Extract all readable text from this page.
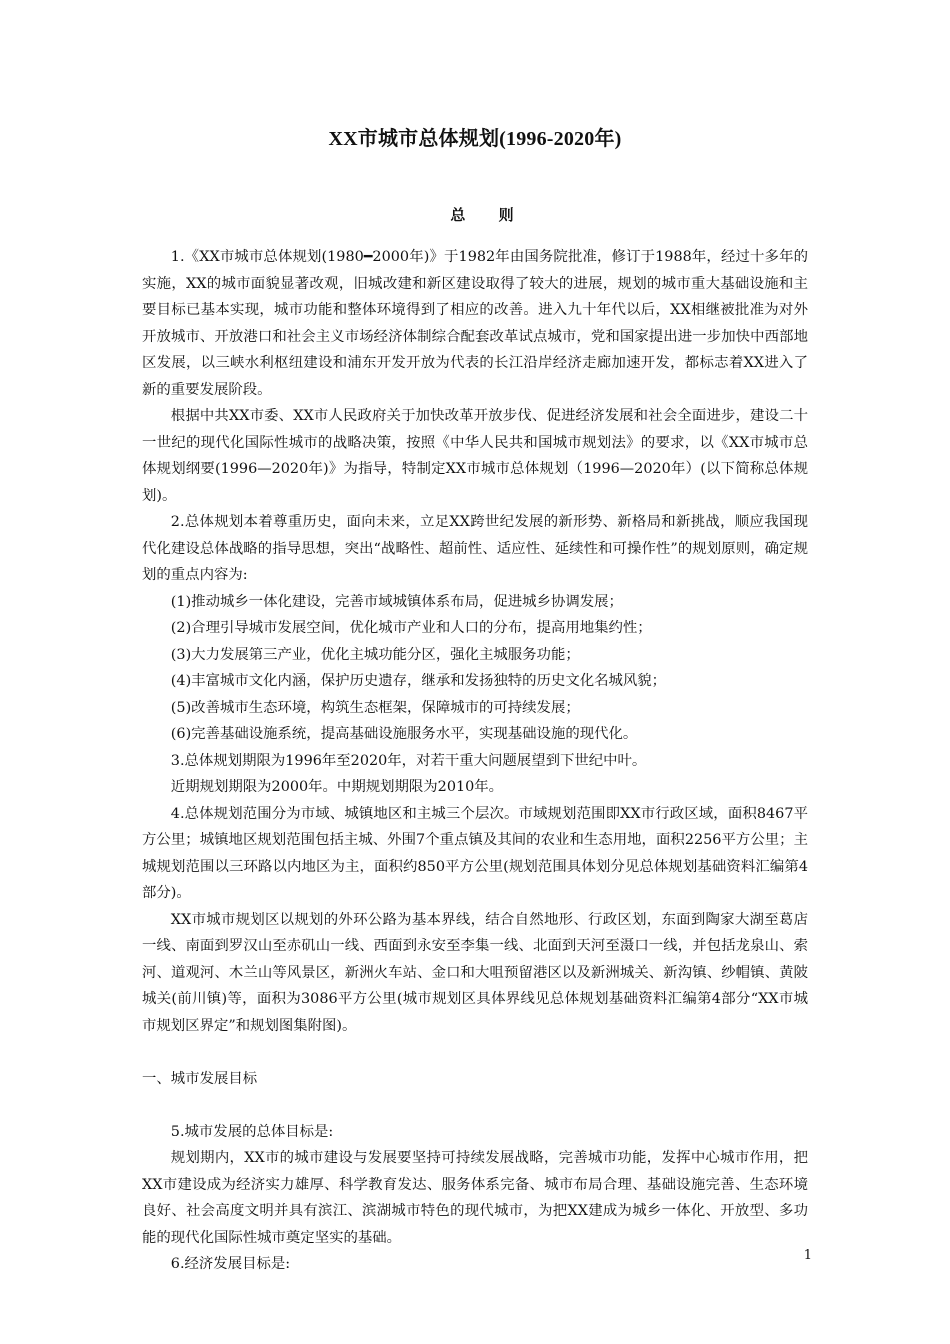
XX市城市总体规划(1996-2020年)
总 则

1.《XX市城市总体规划(1980━2000年)》于1982年由国务院批准，修订于1988年，经过十多年的实施，XX的城市面貌显著改观，旧城改建和新区建设取得了较大的进展，规划的城市重大基础设施和主要目标已基本实现，城市功能和整体环境得到了相应的改善。进入九十年代以后，XX相继被批准为对外开放城市、开放港口和社会主义市场经济体制综合配套改革试点城市，党和国家提出进一步加快中西部地区发展，以三峡水利枢纽建设和浦东开发开放为代表的长江沿岸经济走廊加速开发，都标志着XX进入了新的重要发展阶段。

根据中共XX市委、XX市人民政府关于加快改革开放步伐、促进经济发展和社会全面进步，建设二十一世纪的现代化国际性城市的战略决策，按照《中华人民共和国城市规划法》的要求，以《XX市城市总体规划纲要(1996—2020年)》为指导，特制定XX市城市总体规划（1996—2020年）(以下简称总体规划)。

2.总体规划本着尊重历史，面向未来，立足XX跨世纪发展的新形势、新格局和新挑战，顺应我国现代化建设总体战略的指导思想，突出“战略性、超前性、适应性、延续性和可操作性”的规划原则，确定规划的重点内容为:

(1)推动城乡一体化建设，完善市域城镇体系布局，促进城乡协调发展；

(2)合理引导城市发展空间，优化城市产业和人口的分布，提高用地集约性；

(3)大力发展第三产业，优化主城功能分区，强化主城服务功能；

(4)丰富城市文化内涵，保护历史遗存，继承和发扬独特的历史文化名城风貌；

(5)改善城市生态环境，构筑生态框架，保障城市的可持续发展；

(6)完善基础设施系统，提高基础设施服务水平，实现基础设施的现代化。

3.总体规划期限为1996年至2020年，对若干重大问题展望到下世纪中叶。

近期规划期限为2000年。中期规划期限为2010年。

4.总体规划范围分为市域、城镇地区和主城三个层次。市域规划范围即XX市行政区域，面积8467平方公里；城镇地区规划范围包括主城、外围7个重点镇及其间的农业和生态用地，面积2256平方公里；主城规划范围以三环路以内地区为主，面积约850平方公里(规划范围具体划分见总体规划基础资料汇编第4部分)。

XX市城市规划区以规划的外环公路为基本界线，结合自然地形、行政区划，东面到陶家大湖至葛店一线、南面到罗汉山至赤矶山一线、西面到永安至李集一线、北面到天河至滠口一线，并包括龙泉山、索河、道观河、木兰山等风景区，新洲火车站、金口和大咀预留港区以及新洲城关、新沟镇、纱帽镇、黄陂城关(前川镇)等，面积为3086平方公里(城市规划区具体界线见总体规划基础资料汇编第4部分“XX市城市规划区界定”和规划图集附图)。

一、城市发展目标

5.城市发展的总体目标是:

规划期内，XX市的城市建设与发展要坚持可持续发展战略，完善城市功能，发挥中心城市作用，把XX市建设成为经济实力雄厚、科学教育发达、服务体系完备、城市布局合理、基础设施完善、生态环境良好、社会高度文明并具有滨江、滨湖城市特色的现代城市，为把XX建成为城乡一体化、开放型、多功能的现代化国际性城市奠定坚实的基础。

6.经济发展目标是:

1
